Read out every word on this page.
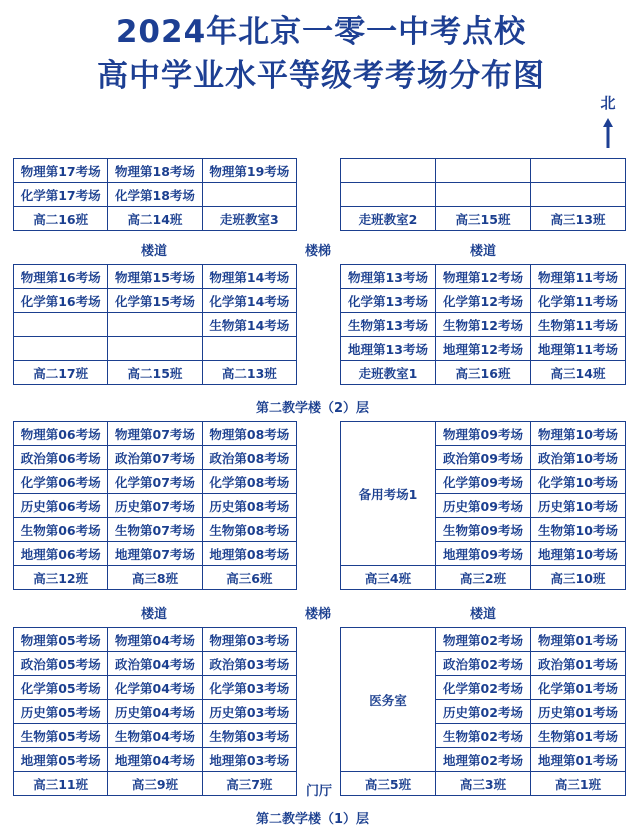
2024年北京一零一中考点校
高中学业水平等级考考场分布图
北
物理第17考场	物理第18考场	物理第19考场
化学第17考场	化学第18考场	
高二16班	高二14班	走班教室3

			走班教室2	高三15班	高三13班
楼道	楼梯	楼道
物理第16考场	物理第15考场	物理第14考场
化学第16考场	化学第15考场	化学第14考场
		生物第14考场

高二17班	高二15班	高二13班
物理第13考场	物理第12考场	物理第11考场
化学第13考场	化学第12考场	化学第11考场
生物第13考场	生物第12考场	生物第11考场
地理第13考场	地理第12考场	地理第11考场
走班教室1	高三16班	高三14班
第二教学楼（2）层
物理第06考场	物理第07考场	物理第08考场
政治第06考场	政治第07考场	政治第08考场
化学第06考场	化学第07考场	化学第08考场
历史第06考场	历史第07考场	历史第08考场
生物第06考场	生物第07考场	生物第08考场
地理第06考场	地理第07考场	地理第08考场
高三12班	高三8班	高三6班
备用考场1	物理第09考场	物理第10考场
	政治第09考场	政治第10考场
	化学第09考场	化学第10考场
	历史第09考场	历史第10考场
	生物第09考场	生物第10考场
	地理第09考场	地理第10考场
高三4班	高三2班	高三10班
楼道	楼梯	楼道
物理第05考场	物理第04考场	物理第03考场
政治第05考场	政治第04考场	政治第03考场
化学第05考场	化学第04考场	化学第03考场
历史第05考场	历史第04考场	历史第03考场
生物第05考场	生物第04考场	生物第03考场
地理第05考场	地理第04考场	地理第03考场
高三11班	高三9班	高三7班
医务室	物理第02考场	物理第01考场
	政治第02考场	政治第01考场
	化学第02考场	化学第01考场
	历史第02考场	历史第01考场
	生物第02考场	生物第01考场
	地理第02考场	地理第01考场
高三5班	高三3班	高三1班
门厅
第二教学楼（1）层
